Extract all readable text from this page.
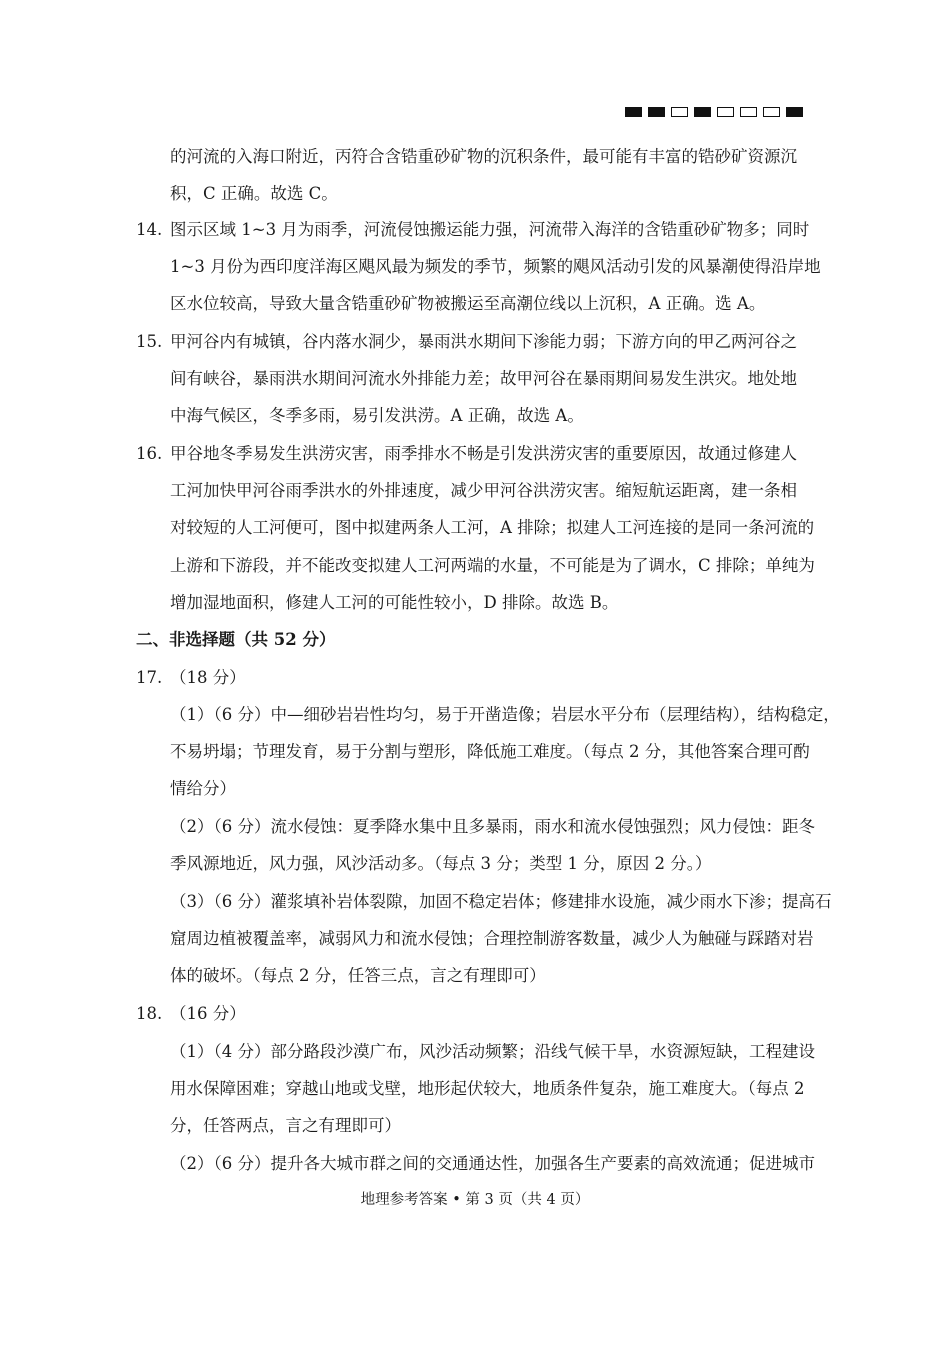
的河流的入海口附近，丙符合含锆重砂矿物的沉积条件，最可能有丰富的锆砂矿资源沉
积，C 正确。故选 C。
14. 图示区域 1~3 月为雨季，河流侵蚀搬运能力强，河流带入海洋的含锆重砂矿物多；同时
1~3 月份为西印度洋海区飓风最为频发的季节，频繁的飓风活动引发的风暴潮使得沿岸地
区水位较高，导致大量含锆重砂矿物被搬运至高潮位线以上沉积，A 正确。选 A。
15. 甲河谷内有城镇，谷内落水洞少，暴雨洪水期间下渗能力弱；下游方向的甲乙两河谷之
间有峡谷，暴雨洪水期间河流水外排能力差；故甲河谷在暴雨期间易发生洪灾。地处地
中海气候区，冬季多雨，易引发洪涝。A 正确，故选 A。
16. 甲谷地冬季易发生洪涝灾害，雨季排水不畅是引发洪涝灾害的重要原因，故通过修建人
工河加快甲河谷雨季洪水的外排速度，减少甲河谷洪涝灾害。缩短航运距离，建一条相
对较短的人工河便可，图中拟建两条人工河，A 排除；拟建人工河连接的是同一条河流的
上游和下游段，并不能改变拟建人工河两端的水量，不可能是为了调水，C 排除；单纯为
增加湿地面积，修建人工河的可能性较小，D 排除。故选 B。
二、非选择题（共 52 分）
17. （18 分）
（1）（6 分）中—细砂岩岩性均匀，易于开凿造像；岩层水平分布（层理结构），结构稳定，
不易坍塌；节理发育，易于分割与塑形，降低施工难度。（每点 2 分，其他答案合理可酌
情给分）
（2）（6 分）流水侵蚀：夏季降水集中且多暴雨，雨水和流水侵蚀强烈；风力侵蚀：距冬
季风源地近，风力强，风沙活动多。（每点 3 分；类型 1 分，原因 2 分。）
（3）（6 分）灌浆填补岩体裂隙，加固不稳定岩体；修建排水设施，减少雨水下渗；提高石
窟周边植被覆盖率，减弱风力和流水侵蚀；合理控制游客数量，减少人为触碰与踩踏对岩
体的破坏。（每点 2 分，任答三点，言之有理即可）
18. （16 分）
（1）（4 分）部分路段沙漠广布，风沙活动频繁；沿线气候干旱，水资源短缺，工程建设
用水保障困难；穿越山地或戈壁，地形起伏较大，地质条件复杂，施工难度大。（每点 2
分，任答两点，言之有理即可）
（2）（6 分）提升各大城市群之间的交通通达性，加强各生产要素的高效流通；促进城市
地理参考答案 • 第 3 页（共 4 页）
